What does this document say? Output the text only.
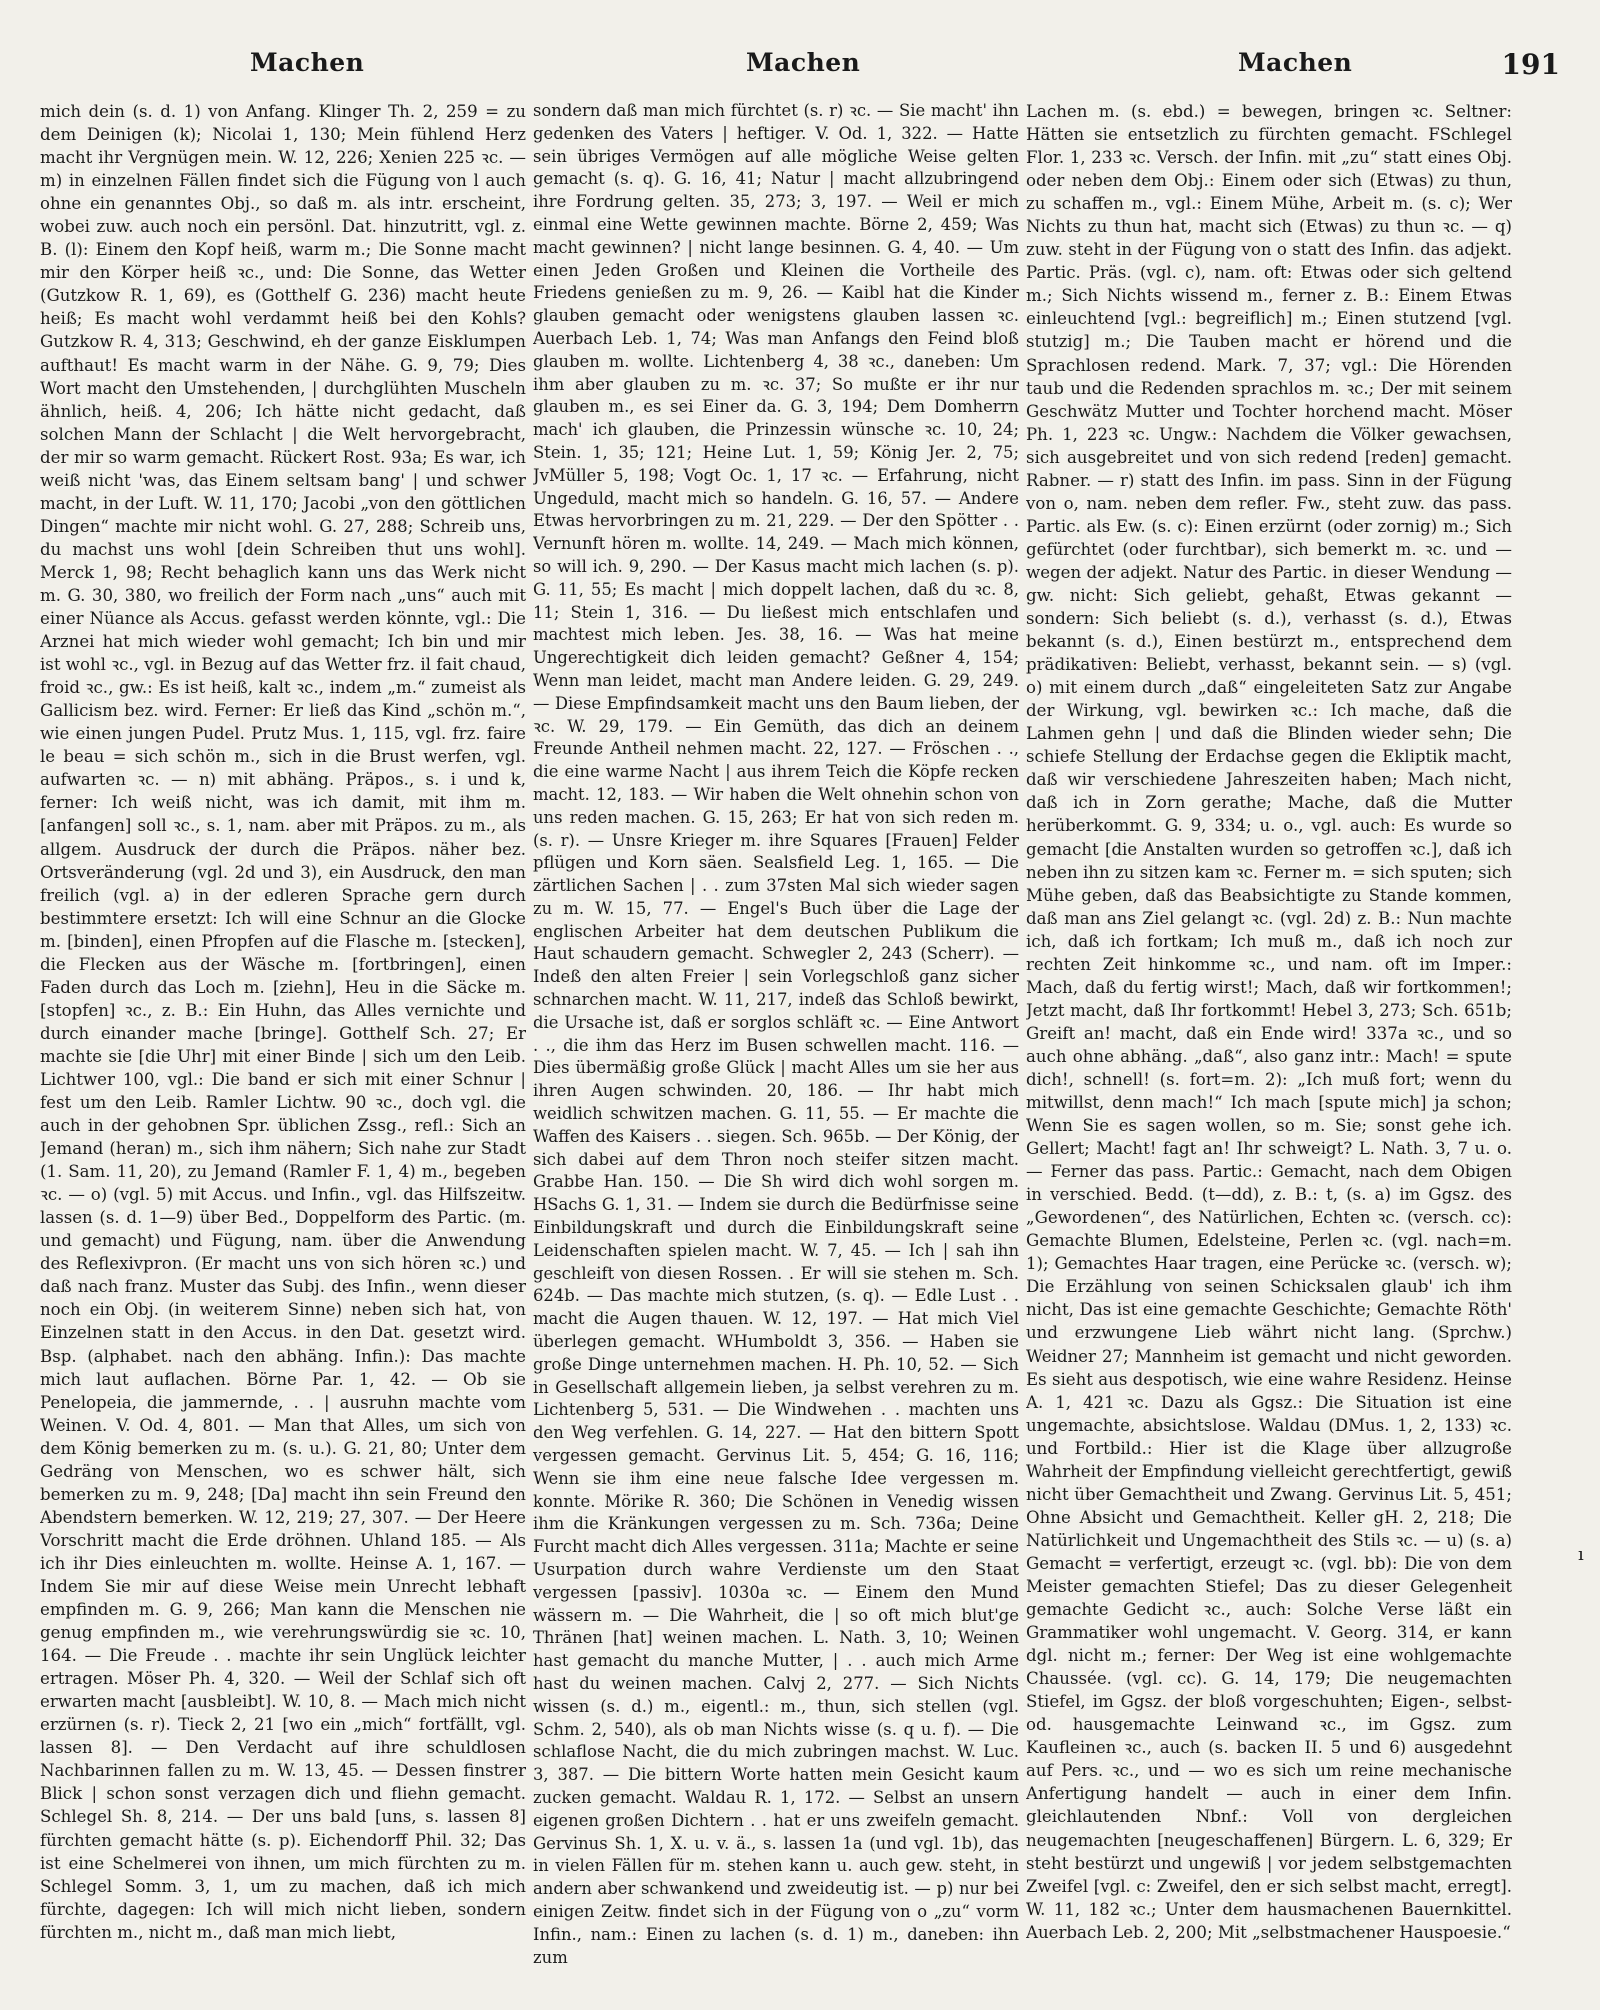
Machen	Machen	Machen	191

mich dein (s. d. 1) von Anfang. Klinger Th. 2, 259 = zu dem Deinigen (k); Nicolai 1, 130; Mein fühlend Herz macht ihr Vergnügen mein. W. 12, 226; Xenien 225 ꝛc. — m) in einzelnen Fällen findet sich die Fügung von l auch ohne ein genanntes Obj., so daß m. als intr. erscheint, wobei zuw. auch noch ein persönl. Dat. hinzutritt, vgl. z. B. (l): Einem den Kopf heiß, warm m.; Die Sonne macht mir den Körper heiß ꝛc., und: Die Sonne, das Wetter (Gutzkow R. 1, 69), es (Gotthelf G. 236) macht heute heiß; Es macht wohl verdammt heiß bei den Kohls? Gutzkow R. 4, 313; Geschwind, eh der ganze Eisklumpen aufthaut! Es macht warm in der Nähe. G. 9, 79; Dies Wort macht den Umstehenden, | durchglühten Muscheln ähnlich, heiß. 4, 206; Ich hätte nicht gedacht, daß solchen Mann der Schlacht | die Welt hervorgebracht, der mir so warm gemacht. Rückert Rost. 93a; Es war, ich weiß nicht 'was, das Einem seltsam bang' | und schwer macht, in der Luft. W. 11, 170; Jacobi „von den göttlichen Dingen“ machte mir nicht wohl. G. 27, 288; Schreib uns, du machst uns wohl [dein Schreiben thut uns wohl]. Merck 1, 98; Recht behaglich kann uns das Werk nicht m. G. 30, 380, wo freilich der Form nach „uns“ auch mit einer Nüance als Accus. gefasst werden könnte, vgl.: Die Arznei hat mich wieder wohl gemacht; Ich bin und mir ist wohl ꝛc., vgl. in Bezug auf das Wetter frz. il fait chaud, froid ꝛc., gw.: Es ist heiß, kalt ꝛc., indem „m.“ zumeist als Gallicism bez. wird. Ferner: Er ließ das Kind „schön m.“, wie einen jungen Pudel. Prutz Mus. 1, 115, vgl. frz. faire le beau = sich schön m., sich in die Brust werfen, vgl. aufwarten ꝛc. — n) mit abhäng. Präpos., s. i und k, ferner: Ich weiß nicht, was ich damit, mit ihm m. [anfangen] soll ꝛc., s. 1, nam. aber mit Präpos. zu m., als allgem. Ausdruck der durch die Präpos. näher bez. Ortsveränderung (vgl. 2d und 3), ein Ausdruck, den man freilich (vgl. a) in der edleren Sprache gern durch bestimmtere ersetzt: Ich will eine Schnur an die Glocke m. [binden], einen Pfropfen auf die Flasche m. [stecken], die Flecken aus der Wäsche m. [fortbringen], einen Faden durch das Loch m. [ziehn], Heu in die Säcke m. [stopfen] ꝛc., z. B.: Ein Huhn, das Alles vernichte und durch einander mache [bringe]. Gotthelf Sch. 27; Er machte sie [die Uhr] mit einer Binde | sich um den Leib. Lichtwer 100, vgl.: Die band er sich mit einer Schnur | fest um den Leib. Ramler Lichtw. 90 ꝛc., doch vgl. die auch in der gehobnen Spr. üblichen Zssg., refl.: Sich an Jemand (heran) m., sich ihm nähern; Sich nahe zur Stadt (1. Sam. 11, 20), zu Jemand (Ramler F. 1, 4) m., begeben ꝛc. — o) (vgl. 5) mit Accus. und Infin., vgl. das Hilfszeitw. lassen (s. d. 1—9) über Bed., Doppelform des Partic. (m. und gemacht) und Fügung, nam. über die Anwendung des Reflexivpron. (Er macht uns von sich hören ꝛc.) und daß nach franz. Muster das Subj. des Infin., wenn dieser noch ein Obj. (in weiterem Sinne) neben sich hat, von Einzelnen statt in den Accus. in den Dat. gesetzt wird. Bsp. (alphabet. nach den abhäng. Infin.): Das machte mich laut auflachen. Börne Par. 1, 42. — Ob sie Penelopeia, die jammernde, . . | ausruhn machte vom Weinen. V. Od. 4, 801. — Man that Alles, um sich von dem König bemerken zu m. (s. u.). G. 21, 80; Unter dem Gedräng von Menschen, wo es schwer hält, sich bemerken zu m. 9, 248; [Da] macht ihn sein Freund den Abendstern bemerken. W. 12, 219; 27, 307. — Der Heere Vorschritt macht die Erde dröhnen. Uhland 185. — Als ich ihr Dies einleuchten m. wollte. Heinse A. 1, 167. — Indem Sie mir auf diese Weise mein Unrecht lebhaft empfinden m. G. 9, 266; Man kann die Menschen nie genug empfinden m., wie verehrungswürdig sie ꝛc. 10, 164. — Die Freude . . machte ihr sein Unglück leichter ertragen. Möser Ph. 4, 320. — Weil der Schlaf sich oft erwarten macht [ausbleibt]. W. 10, 8. — Mach mich nicht erzürnen (s. r). Tieck 2, 21 [wo ein „mich“ fortfällt, vgl. lassen 8]. — Den Verdacht auf ihre schuldlosen Nachbarinnen fallen zu m. W. 13, 45. — Dessen finstrer Blick | schon sonst verzagen dich und fliehn gemacht. Schlegel Sh. 8, 214. — Der uns bald [uns, s. lassen 8] fürchten gemacht hätte (s. p). Eichendorff Phil. 32; Das ist eine Schelmerei von ihnen, um mich fürchten zu m. Schlegel Somm. 3, 1, um zu machen, daß ich mich fürchte, dagegen: Ich will mich nicht lieben, sondern fürchten m., nicht m., daß man mich liebt,

sondern daß man mich fürchtet (s. r) ꝛc. — Sie macht' ihn gedenken des Vaters | heftiger. V. Od. 1, 322. — Hatte sein übriges Vermögen auf alle mögliche Weise gelten gemacht (s. q). G. 16, 41; Natur | macht allzubringend ihre Fordrung gelten. 35, 273; 3, 197. — Weil er mich einmal eine Wette gewinnen machte. Börne 2, 459; Was macht gewinnen? | nicht lange besinnen. G. 4, 40. — Um einen Jeden Großen und Kleinen die Vortheile des Friedens genießen zu m. 9, 26. — Kaibl hat die Kinder glauben gemacht oder wenigstens glauben lassen ꝛc. Auerbach Leb. 1, 74; Was man Anfangs den Feind bloß glauben m. wollte. Lichtenberg 4, 38 ꝛc., daneben: Um ihm aber glauben zu m. ꝛc. 37; So mußte er ihr nur glauben m., es sei Einer da. G. 3, 194; Dem Domherrn mach' ich glauben, die Prinzessin wünsche ꝛc. 10, 24; Stein. 1, 35; 121; Heine Lut. 1, 59; König Jer. 2, 75; JvMüller 5, 198; Vogt Oc. 1, 17 ꝛc. — Erfahrung, nicht Ungeduld, macht mich so handeln. G. 16, 57. — Andere Etwas hervorbringen zu m. 21, 229. — Der den Spötter . . Vernunft hören m. wollte. 14, 249. — Mach mich können, so will ich. 9, 290. — Der Kasus macht mich lachen (s. p). G. 11, 55; Es macht | mich doppelt lachen, daß du ꝛc. 8, 11; Stein 1, 316. — Du ließest mich entschlafen und machtest mich leben. Jes. 38, 16. — Was hat meine Ungerechtigkeit dich leiden gemacht? Geßner 4, 154; Wenn man leidet, macht man Andere leiden. G. 29, 249. — Diese Empfindsamkeit macht uns den Baum lieben, der ꝛc. W. 29, 179. — Ein Gemüth, das dich an deinem Freunde Antheil nehmen macht. 22, 127. — Fröschen . ., die eine warme Nacht | aus ihrem Teich die Köpfe recken macht. 12, 183. — Wir haben die Welt ohnehin schon von uns reden machen. G. 15, 263; Er hat von sich reden m. (s. r). — Unsre Krieger m. ihre Squares [Frauen] Felder pflügen und Korn säen. Sealsfield Leg. 1, 165. — Die zärtlichen Sachen | . . zum 37sten Mal sich wieder sagen zu m. W. 15, 77. — Engel's Buch über die Lage der englischen Arbeiter hat dem deutschen Publikum die Haut schaudern gemacht. Schwegler 2, 243 (Scherr). — Indeß den alten Freier | sein Vorlegschloß ganz sicher schnarchen macht. W. 11, 217, indeß das Schloß bewirkt, die Ursache ist, daß er sorglos schläft ꝛc. — Eine Antwort . ., die ihm das Herz im Busen schwellen macht. 116. — Dies übermäßig große Glück | macht Alles um sie her aus ihren Augen schwinden. 20, 186. — Ihr habt mich weidlich schwitzen machen. G. 11, 55. — Er machte die Waffen des Kaisers . . siegen. Sch. 965b. — Der König, der sich dabei auf dem Thron noch steifer sitzen macht. Grabbe Han. 150. — Die Sh wird dich wohl sorgen m. HSachs G. 1, 31. — Indem sie durch die Bedürfnisse seine Einbildungskraft und durch die Einbildungskraft seine Leidenschaften spielen macht. W. 7, 45. — Ich | sah ihn geschleift von diesen Rossen. . Er will sie stehen m. Sch. 624b. — Das machte mich stutzen, (s. q). — Edle Lust . . macht die Augen thauen. W. 12, 197. — Hat mich Viel überlegen gemacht. WHumboldt 3, 356. — Haben sie große Dinge unternehmen machen. H. Ph. 10, 52. — Sich in Gesellschaft allgemein lieben, ja selbst verehren zu m. Lichtenberg 5, 531. — Die Windwehen . . machten uns den Weg verfehlen. G. 14, 227. — Hat den bittern Spott vergessen gemacht. Gervinus Lit. 5, 454; G. 16, 116; Wenn sie ihm eine neue falsche Idee vergessen m. konnte. Mörike R. 360; Die Schönen in Venedig wissen ihm die Kränkungen vergessen zu m. Sch. 736a; Deine Furcht macht dich Alles vergessen. 311a; Machte er seine Usurpation durch wahre Verdienste um den Staat vergessen [passiv]. 1030a ꝛc. — Einem den Mund wässern m. — Die Wahrheit, die | so oft mich blut'ge Thränen [hat] weinen machen. L. Nath. 3, 10; Weinen hast gemacht du manche Mutter, | . . auch mich Arme hast du weinen machen. Calvj 2, 277. — Sich Nichts wissen (s. d.) m., eigentl.: m., thun, sich stellen (vgl. Schm. 2, 540), als ob man Nichts wisse (s. q u. f). — Die schlaflose Nacht, die du mich zubringen machst. W. Luc. 3, 387. — Die bittern Worte hatten mein Gesicht kaum zucken gemacht. Waldau R. 1, 172. — Selbst an unsern eigenen großen Dichtern . . hat er uns zweifeln gemacht. Gervinus Sh. 1, X. u. v. ä., s. lassen 1a (und vgl. 1b), das in vielen Fällen für m. stehen kann u. auch gew. steht, in andern aber schwankend und zweideutig ist. — p) nur bei einigen Zeitw. findet sich in der Fügung von o „zu“ vorm Infin., nam.: Einen zu lachen (s. d. 1) m., daneben: ihn zum

Lachen m. (s. ebd.) = bewegen, bringen ꝛc. Seltner: Hätten sie entsetzlich zu fürchten gemacht. FSchlegel Flor. 1, 233 ꝛc. Versch. der Infin. mit „zu“ statt eines Obj. oder neben dem Obj.: Einem oder sich (Etwas) zu thun, zu schaffen m., vgl.: Einem Mühe, Arbeit m. (s. c); Wer Nichts zu thun hat, macht sich (Etwas) zu thun ꝛc. — q) zuw. steht in der Fügung von o statt des Infin. das adjekt. Partic. Präs. (vgl. c), nam. oft: Etwas oder sich geltend m.; Sich Nichts wissend m., ferner z. B.: Einem Etwas einleuchtend [vgl.: begreiflich] m.; Einen stutzend [vgl. stutzig] m.; Die Tauben macht er hörend und die Sprachlosen redend. Mark. 7, 37; vgl.: Die Hörenden taub und die Redenden sprachlos m. ꝛc.; Der mit seinem Geschwätz Mutter und Tochter horchend macht. Möser Ph. 1, 223 ꝛc. Ungw.: Nachdem die Völker gewachsen, sich ausgebreitet und von sich redend [reden] gemacht. Rabner. — r) statt des Infin. im pass. Sinn in der Fügung von o, nam. neben dem refler. Fw., steht zuw. das pass. Partic. als Ew. (s. c): Einen erzürnt (oder zornig) m.; Sich gefürchtet (oder furchtbar), sich bemerkt m. ꝛc. und — wegen der adjekt. Natur des Partic. in dieser Wendung — gw. nicht: Sich geliebt, gehaßt, Etwas gekannt — sondern: Sich beliebt (s. d.), verhasst (s. d.), Etwas bekannt (s. d.), Einen bestürzt m., entsprechend dem prädikativen: Beliebt, verhasst, bekannt sein. — s) (vgl. o) mit einem durch „daß“ eingeleiteten Satz zur Angabe der Wirkung, vgl. bewirken ꝛc.: Ich mache, daß die Lahmen gehn | und daß die Blinden wieder sehn; Die schiefe Stellung der Erdachse gegen die Ekliptik macht, daß wir verschiedene Jahreszeiten haben; Mach nicht, daß ich in Zorn gerathe; Mache, daß die Mutter herüberkommt. G. 9, 334; u. o., vgl. auch: Es wurde so gemacht [die Anstalten wurden so getroffen ꝛc.], daß ich neben ihn zu sitzen kam ꝛc. Ferner m. = sich sputen; sich Mühe geben, daß das Beabsichtigte zu Stande kommen, daß man ans Ziel gelangt ꝛc. (vgl. 2d) z. B.: Nun machte ich, daß ich fortkam; Ich muß m., daß ich noch zur rechten Zeit hinkomme ꝛc., und nam. oft im Imper.: Mach, daß du fertig wirst!; Mach, daß wir fortkommen!; Jetzt macht, daß Ihr fortkommt! Hebel 3, 273; Sch. 651b; Greift an! macht, daß ein Ende wird! 337a ꝛc., und so auch ohne abhäng. „daß“, also ganz intr.: Mach! = spute dich!, schnell! (s. fort=m. 2): „Ich muß fort; wenn du mitwillst, denn mach!“ Ich mach [spute mich] ja schon; Wenn Sie es sagen wollen, so m. Sie; sonst gehe ich. Gellert; Macht! fagt an! Ihr schweigt? L. Nath. 3, 7 u. o. — Ferner das pass. Partic.: Gemacht, nach dem Obigen in verschied. Bedd. (t—dd), z. B.: t, (s. a) im Ggsz. des „Gewordenen“, des Natürlichen, Echten ꝛc. (versch. cc): Gemachte Blumen, Edelsteine, Perlen ꝛc. (vgl. nach=m. 1); Gemachtes Haar tragen, eine Perücke ꝛc. (versch. w); Die Erzählung von seinen Schicksalen glaub' ich ihm nicht, Das ist eine gemachte Geschichte; Gemachte Röth' und erzwungene Lieb währt nicht lang. (Sprchw.) Weidner 27; Mannheim ist gemacht und nicht geworden. Es sieht aus despotisch, wie eine wahre Residenz. Heinse A. 1, 421 ꝛc. Dazu als Ggsz.: Die Situation ist eine ungemachte, absichtslose. Waldau (DMus. 1, 2, 133) ꝛc. und Fortbild.: Hier ist die Klage über allzugroße Wahrheit der Empfindung vielleicht gerechtfertigt, gewiß nicht über Gemachtheit und Zwang. Gervinus Lit. 5, 451; Ohne Absicht und Gemachtheit. Keller gH. 2, 218; Die Natürlichkeit und Ungemachtheit des Stils ꝛc. — u) (s. a) Gemacht = verfertigt, erzeugt ꝛc. (vgl. bb): Die von dem Meister gemachten Stiefel; Das zu dieser Gelegenheit gemachte Gedicht ꝛc., auch: Solche Verse läßt ein Grammatiker wohl ungemacht. V. Georg. 314, er kann dgl. nicht m.; ferner: Der Weg ist eine wohlgemachte Chaussée. (vgl. cc). G. 14, 179; Die neugemachten Stiefel, im Ggsz. der bloß vorgeschuhten; Eigen-, selbst- od. hausgemachte Leinwand ꝛc., im Ggsz. zum Kaufleinen ꝛc., auch (s. backen II. 5 und 6) ausgedehnt auf Pers. ꝛc., und — wo es sich um reine mechanische Anfertigung handelt — auch in einer dem Infin. gleichlautenden Nbnf.: Voll von dergleichen neugemachten [neugeschaffenen] Bürgern. L. 6, 329; Er steht bestürzt und ungewiß | vor jedem selbstgemachten Zweifel [vgl. c: Zweifel, den er sich selbst macht, erregt]. W. 11, 182 ꝛc.; Unter dem hausmachenen Bauernkittel. Auerbach Leb. 2, 200; Mit „selbstmachener Hauspoesie.“

ı
